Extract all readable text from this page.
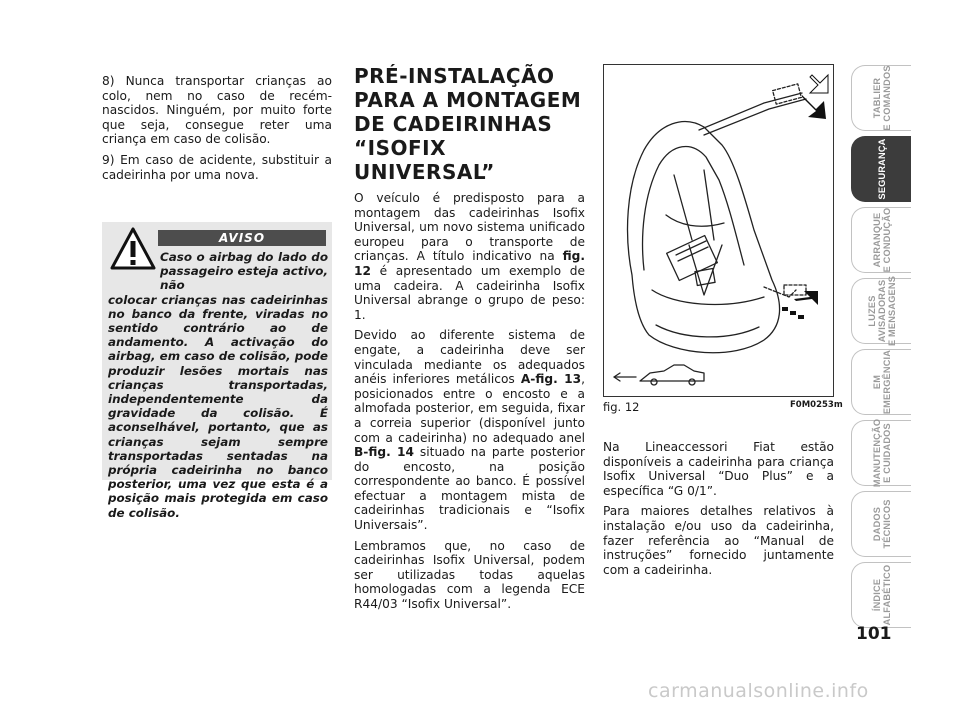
8) Nunca transportar crianças ao colo, nem no caso de recém-nascidos. Ninguém, por muito forte que seja, consegue reter uma criança em caso de colisão.

9) Em caso de acidente, substituir a cadeirinha por uma nova.

AVISO
Caso o airbag do lado do passageiro esteja activo, não
colocar crianças nas cadeirinhas no banco da frente, viradas no sentido contrário ao de andamento. A activação do airbag, em caso de colisão, pode produzir lesões mortais nas crianças transportadas, independentemente da gravidade da colisão. É aconselhável, portanto, que as crianças sejam sempre transportadas sentadas na própria cadeirinha no banco posterior, uma vez que esta é a posição mais protegida em caso de colisão.
PRÉ-INSTALAÇÃO
PARA A MONTAGEM
DE CADEIRINHAS
“ISOFIX UNIVERSAL”

O veículo é predisposto para a montagem das cadeirinhas Isofix Universal, um novo sistema unificado europeu para o transporte de crianças. A título indicativo na fig. 12 é apresentado um exemplo de uma cadeira. A cadeirinha Isofix Universal abrange o grupo de peso: 1.

Devido ao diferente sistema de engate, a cadeirinha deve ser vinculada mediante os adequados anéis inferiores metálicos A-fig. 13, posicionados entre o encosto e a almofada posterior, em seguida, fixar a correia superior (disponível junto com a cadeirinha) no adequado anel B-fig. 14 situado na parte posterior do encosto, na posição correspondente ao banco. É possível efectuar a montagem mista de cadeirinhas tradicionais e “Isofix Universais”.

Lembramos que, no caso de cadeirinhas Isofix Universal, podem ser utilizadas todas aquelas homologadas com a legenda ECE R44/03 “Isofix Universal”.

fig. 12	F0M0253m

Na Lineaccessori Fiat estão disponíveis a cadeirinha para criança Isofix Universal “Duo Plus” e a específica “G 0/1”.

Para maiores detalhes relativos à instalação e/ou uso da cadeirinha, fazer referência ao “Manual de instruções” fornecido juntamente com a cadeirinha.

TABLIER
E COMANDOS
SEGURANÇA
ARRANQUE
E CONDUÇÃO
LUZES
AVISADORAS
E MENSAGENS
EM
EMERGÊNCIA
MANUTENÇÃO
E CUIDADOS
DADOS
TÉCNICOS
ÍNDICE
ALFABÉTICO
101
carmanualsonline.info
